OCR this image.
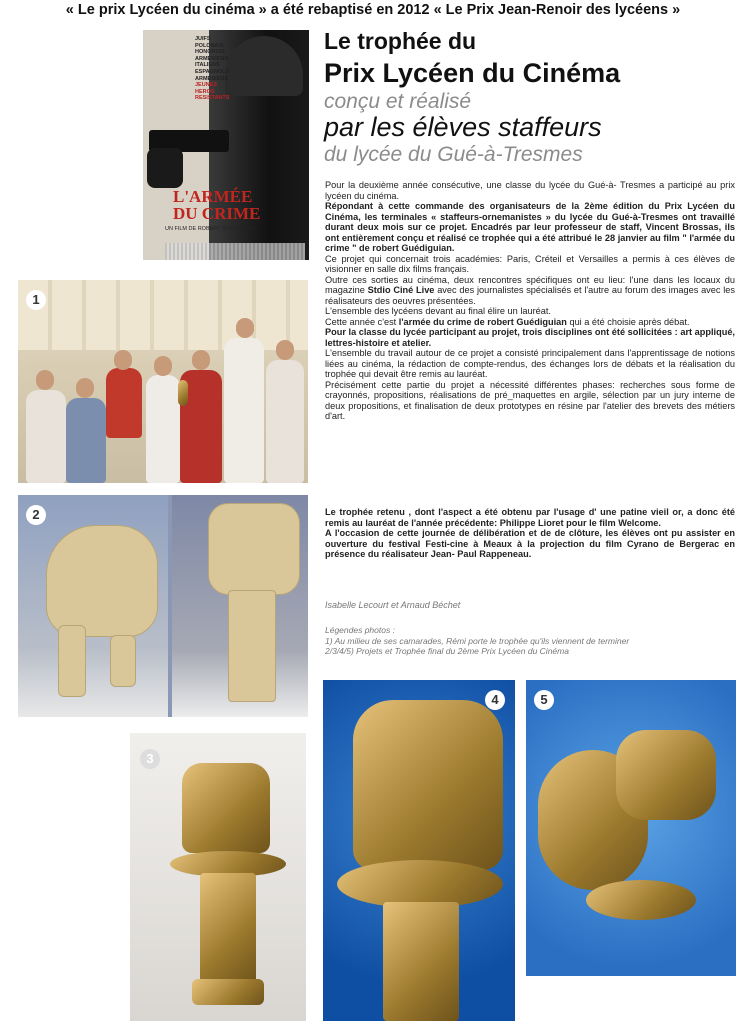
« Le prix Lycéen du cinéma » a été rebaptisé en 2012 « Le Prix Jean-Renoir des lycéens »
JUIFS
POLONAIS
HONGROIS
ARMENIENS
ITALIENS
ESPAGNOLS
ARMENIENS
JEUNES
HEROS
RESISTANTS
L'ARMÉE
DU CRIME
UN FILM DE ROBERT GUÉDIGUIAN
Le trophée du
Prix Lycéen du Cinéma
conçu et réalisé
par les élèves staffeurs
du lycée du Gué-à-Tresmes

Pour la deuxième année consécutive, une classe du lycée du Gué-à- Tresmes a participé au prix lycéen du cinéma.

Répondant à cette commande des organisateurs de la 2ème édition du Prix Lycéen du Cinéma, les terminales « staffeurs-ornemanistes » du lycée du Gué-à-Tresmes ont travaillé durant deux mois sur ce projet. Encadrés par leur professeur de staff, Vincent Brossas, ils ont entièrement conçu et réalisé ce trophée qui a été attribué le 28 janvier au film " l'armée du crime " de robert Guédiguian.

Ce projet qui concernait trois académies: Paris, Créteil et Versailles a permis à ces élèves de visionner en salle dix films français.

Outre ces sorties au cinéma, deux rencontres spécifiques ont eu lieu: l'une dans les locaux du magazine Stdio Ciné Live avec des journalistes spécialisés et l'autre au forum des images avec les réalisateurs des oeuvres présentées.

L'ensemble des lycéens devant au final élire un lauréat.

Cette année c'est l'armée du crime de robert Guédiguian qui a été choisie après débat.

Pour la classe du lycée participant au projet, trois disciplines ont été sollicitées : art appliqué, lettres-histoire et atelier.

L'ensemble du travail autour de ce projet a consisté principalement dans l'apprentissage de notions liées au cinéma, la rédaction de compte-rendus, des échanges lors de débats et la réalisation du trophée qui devait être remis au lauréat.

Précisément cette partie du projet a nécessité différentes phases: recherches sous forme de crayonnés, propositions, réalisations de pré_maquettes en argile, sélection par un jury interne de deux propositions, et finalisation de deux prototypes en résine par l'atelier des brevets des métiers d'art.

Le trophée retenu , dont l'aspect a été obtenu par l'usage d' une patine vieil or, a donc été remis au lauréat de l'année précédente: Philippe Lioret pour le film Welcome.

A l'occasion de cette journée de délibération et de de clôture, les élèves ont pu assister en ouverture du festival Festi-cine à Meaux à la projection du film Cyrano de Bergerac en présence du réalisateur Jean- Paul Rappeneau.

Isabelle Lecourt et Arnaud Béchet
Légendes photos :
1) Au milieu de ses camarades, Rémi porte le trophée qu'ils viennent de terminer
2/3/4/5) Projets et Trophée final du 2ème Prix Lycéen du Cinéma
1
2
3
4	5
